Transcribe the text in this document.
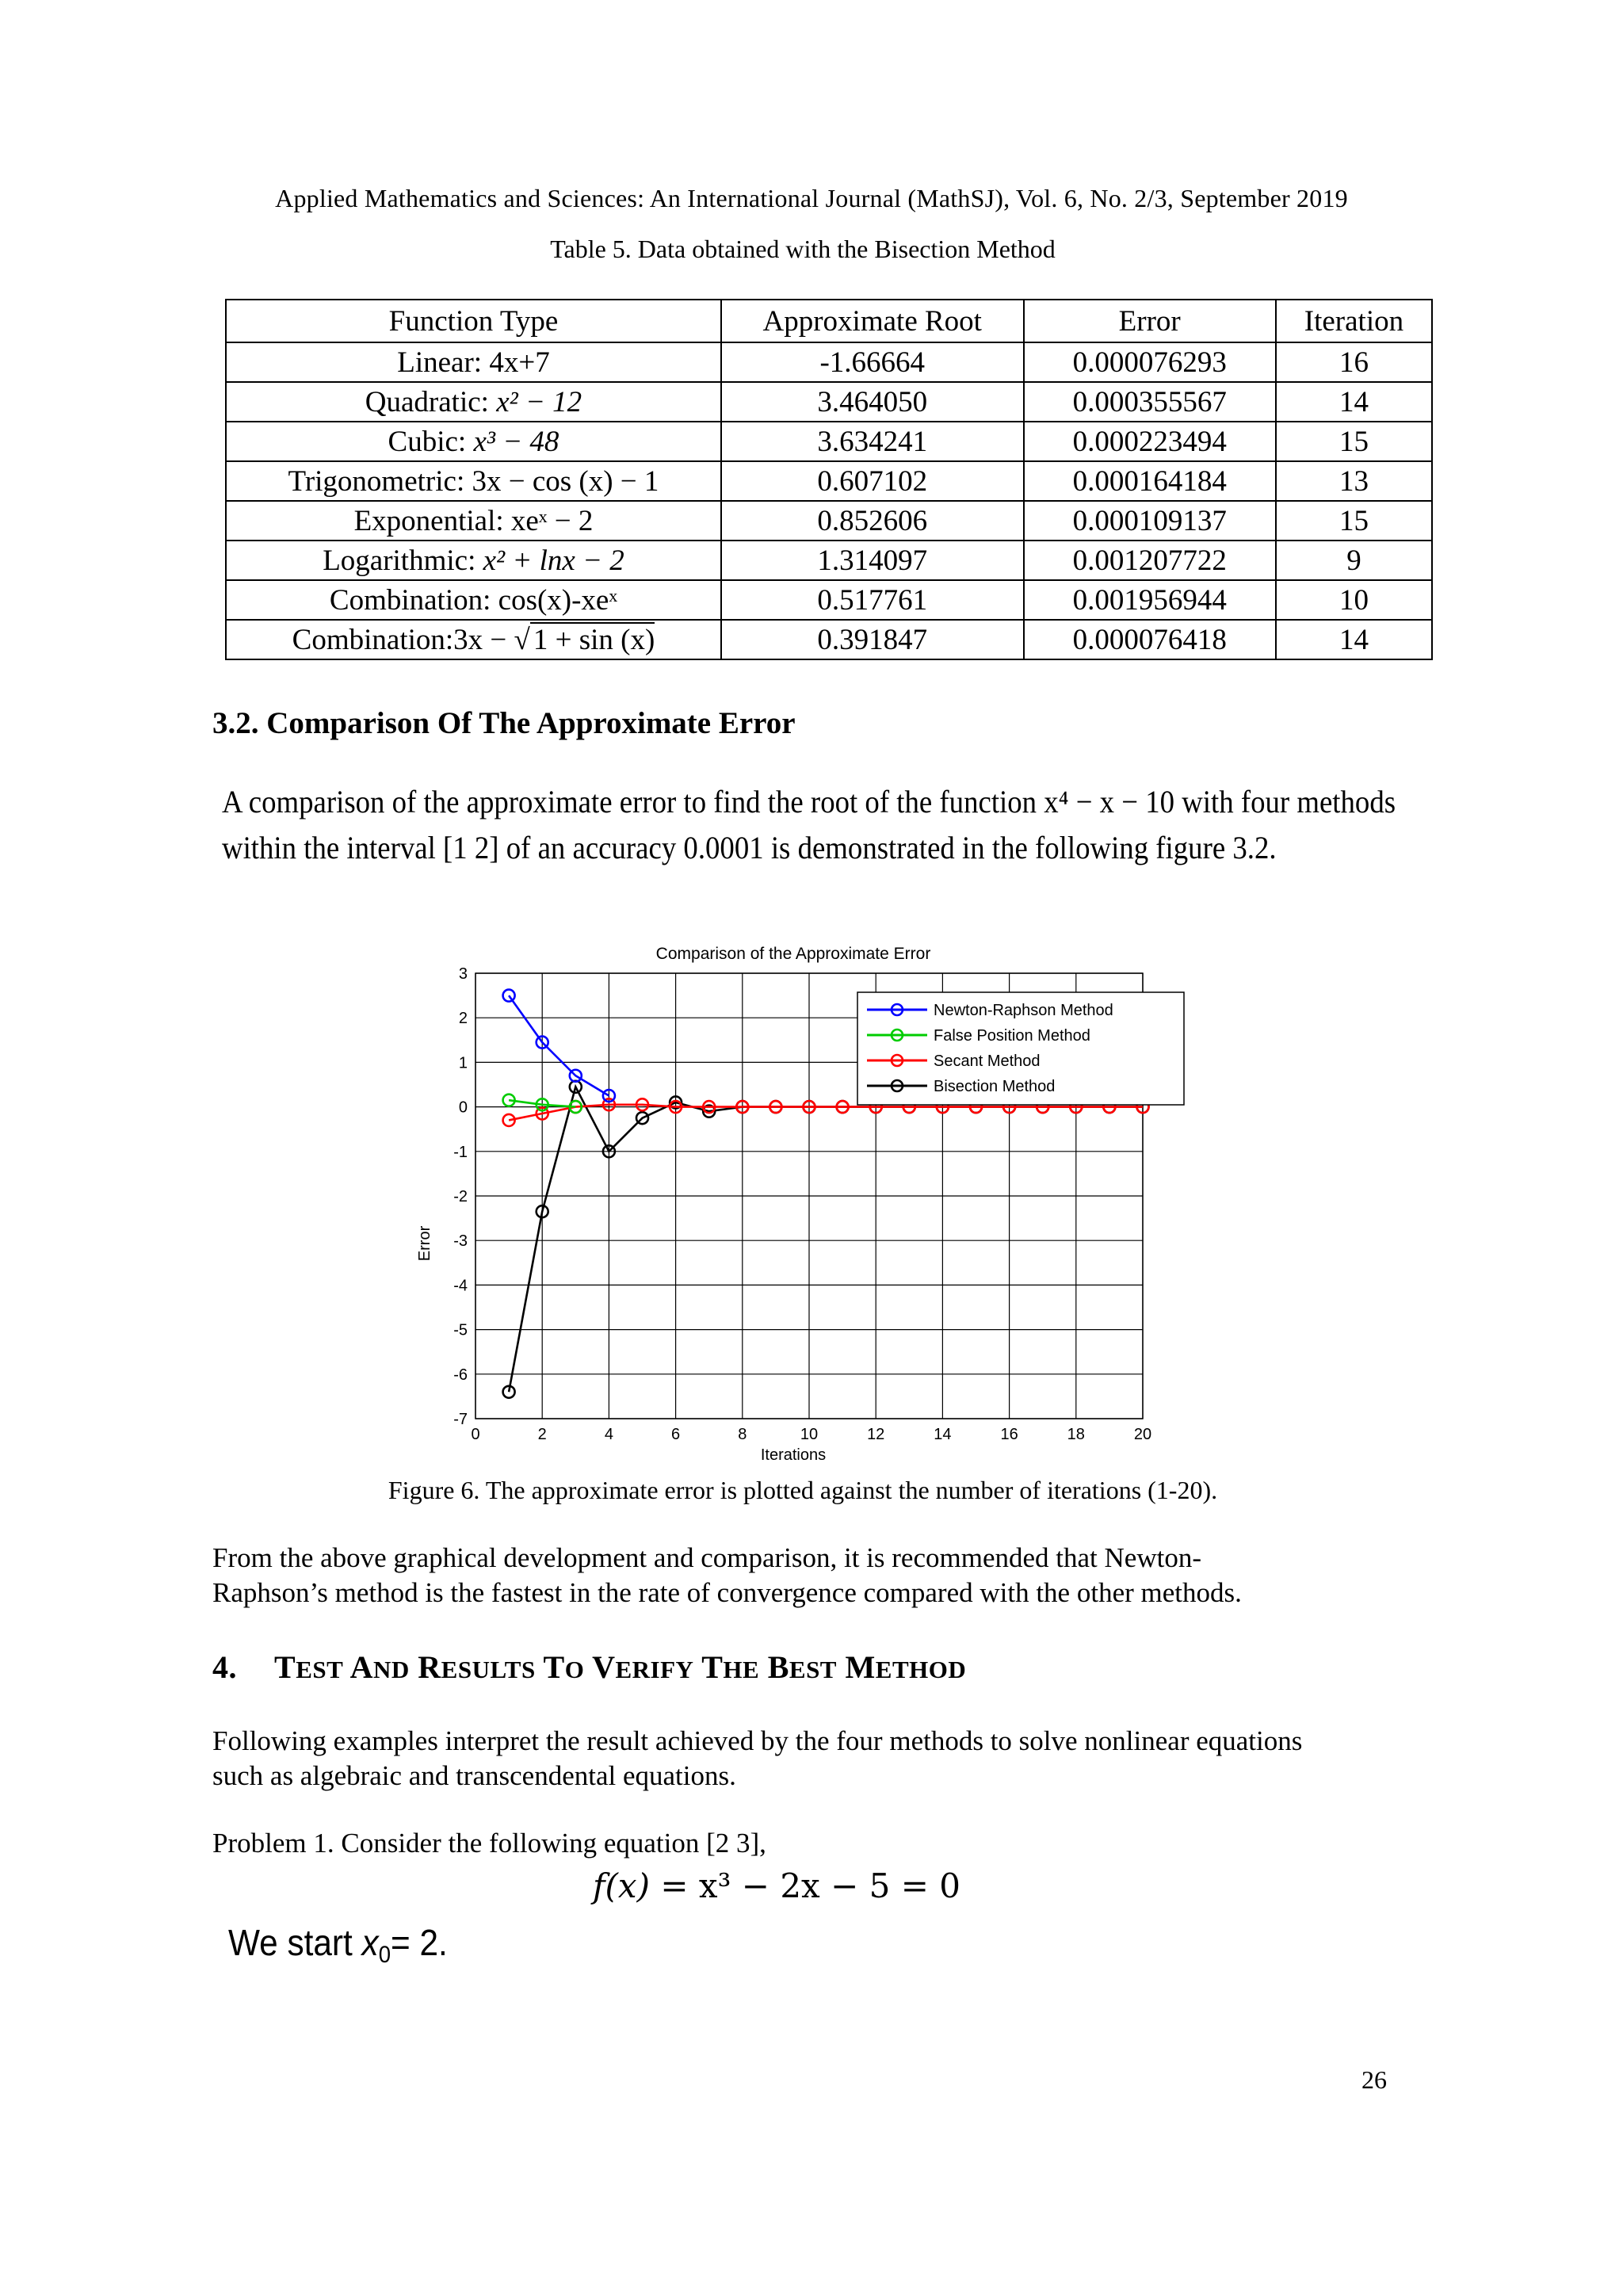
Applied Mathematics and Sciences: An International Journal (MathSJ), Vol. 6, No. 2/3, September 2019
Table 5. Data obtained with the Bisection Method
Function Type	Approximate Root	Error	Iteration
Linear: 4x+7	-1.66664	0.000076293	16
Quadratic: x² − 12	3.464050	0.000355567	14
Cubic: x³ − 48	3.634241	0.000223494	15
Trigonometric: 3x − cos (x) − 1	0.607102	0.000164184	13
Exponential: xeˣ − 2	0.852606	0.000109137	15
Logarithmic: x² + lnx − 2	1.314097	0.001207722	9
Combination: cos(x)-xeˣ	0.517761	0.001956944	10
Combination:3x − √ 1 + sin (x)	0.391847	0.000076418	14
3.2. Comparison Of The Approximate Error
A comparison of the approximate error to find the root of the function x⁴ − x − 10 with four methods
within the interval [1 2] of an accuracy 0.0001 is demonstrated in the following figure 3.2.
0	2	4	6	8	10	12	14	16	18	20
3
2
1
0
-1
-2
-3
-4
-5
-6
-7
Comparison of the Approximate Error
Iterations
Error
Newton-Raphson Method
False Position Method
Secant Method
Bisection Method
Figure 6. The approximate error is plotted against the number of iterations (1-20).
From the above graphical development and comparison, it is recommended that Newton-
Raphson’s method is the fastest in the rate of convergence compared with the other methods.
4. TEST AND RESULTS TO VERIFY THE BEST METHOD
Following examples interpret the result achieved by the four methods to solve nonlinear equations
such as algebraic and transcendental equations.
Problem 1. Consider the following equation [2 3],
f(x) = x³ − 2x − 5 = 0
We start $x_0= 2$.
26
